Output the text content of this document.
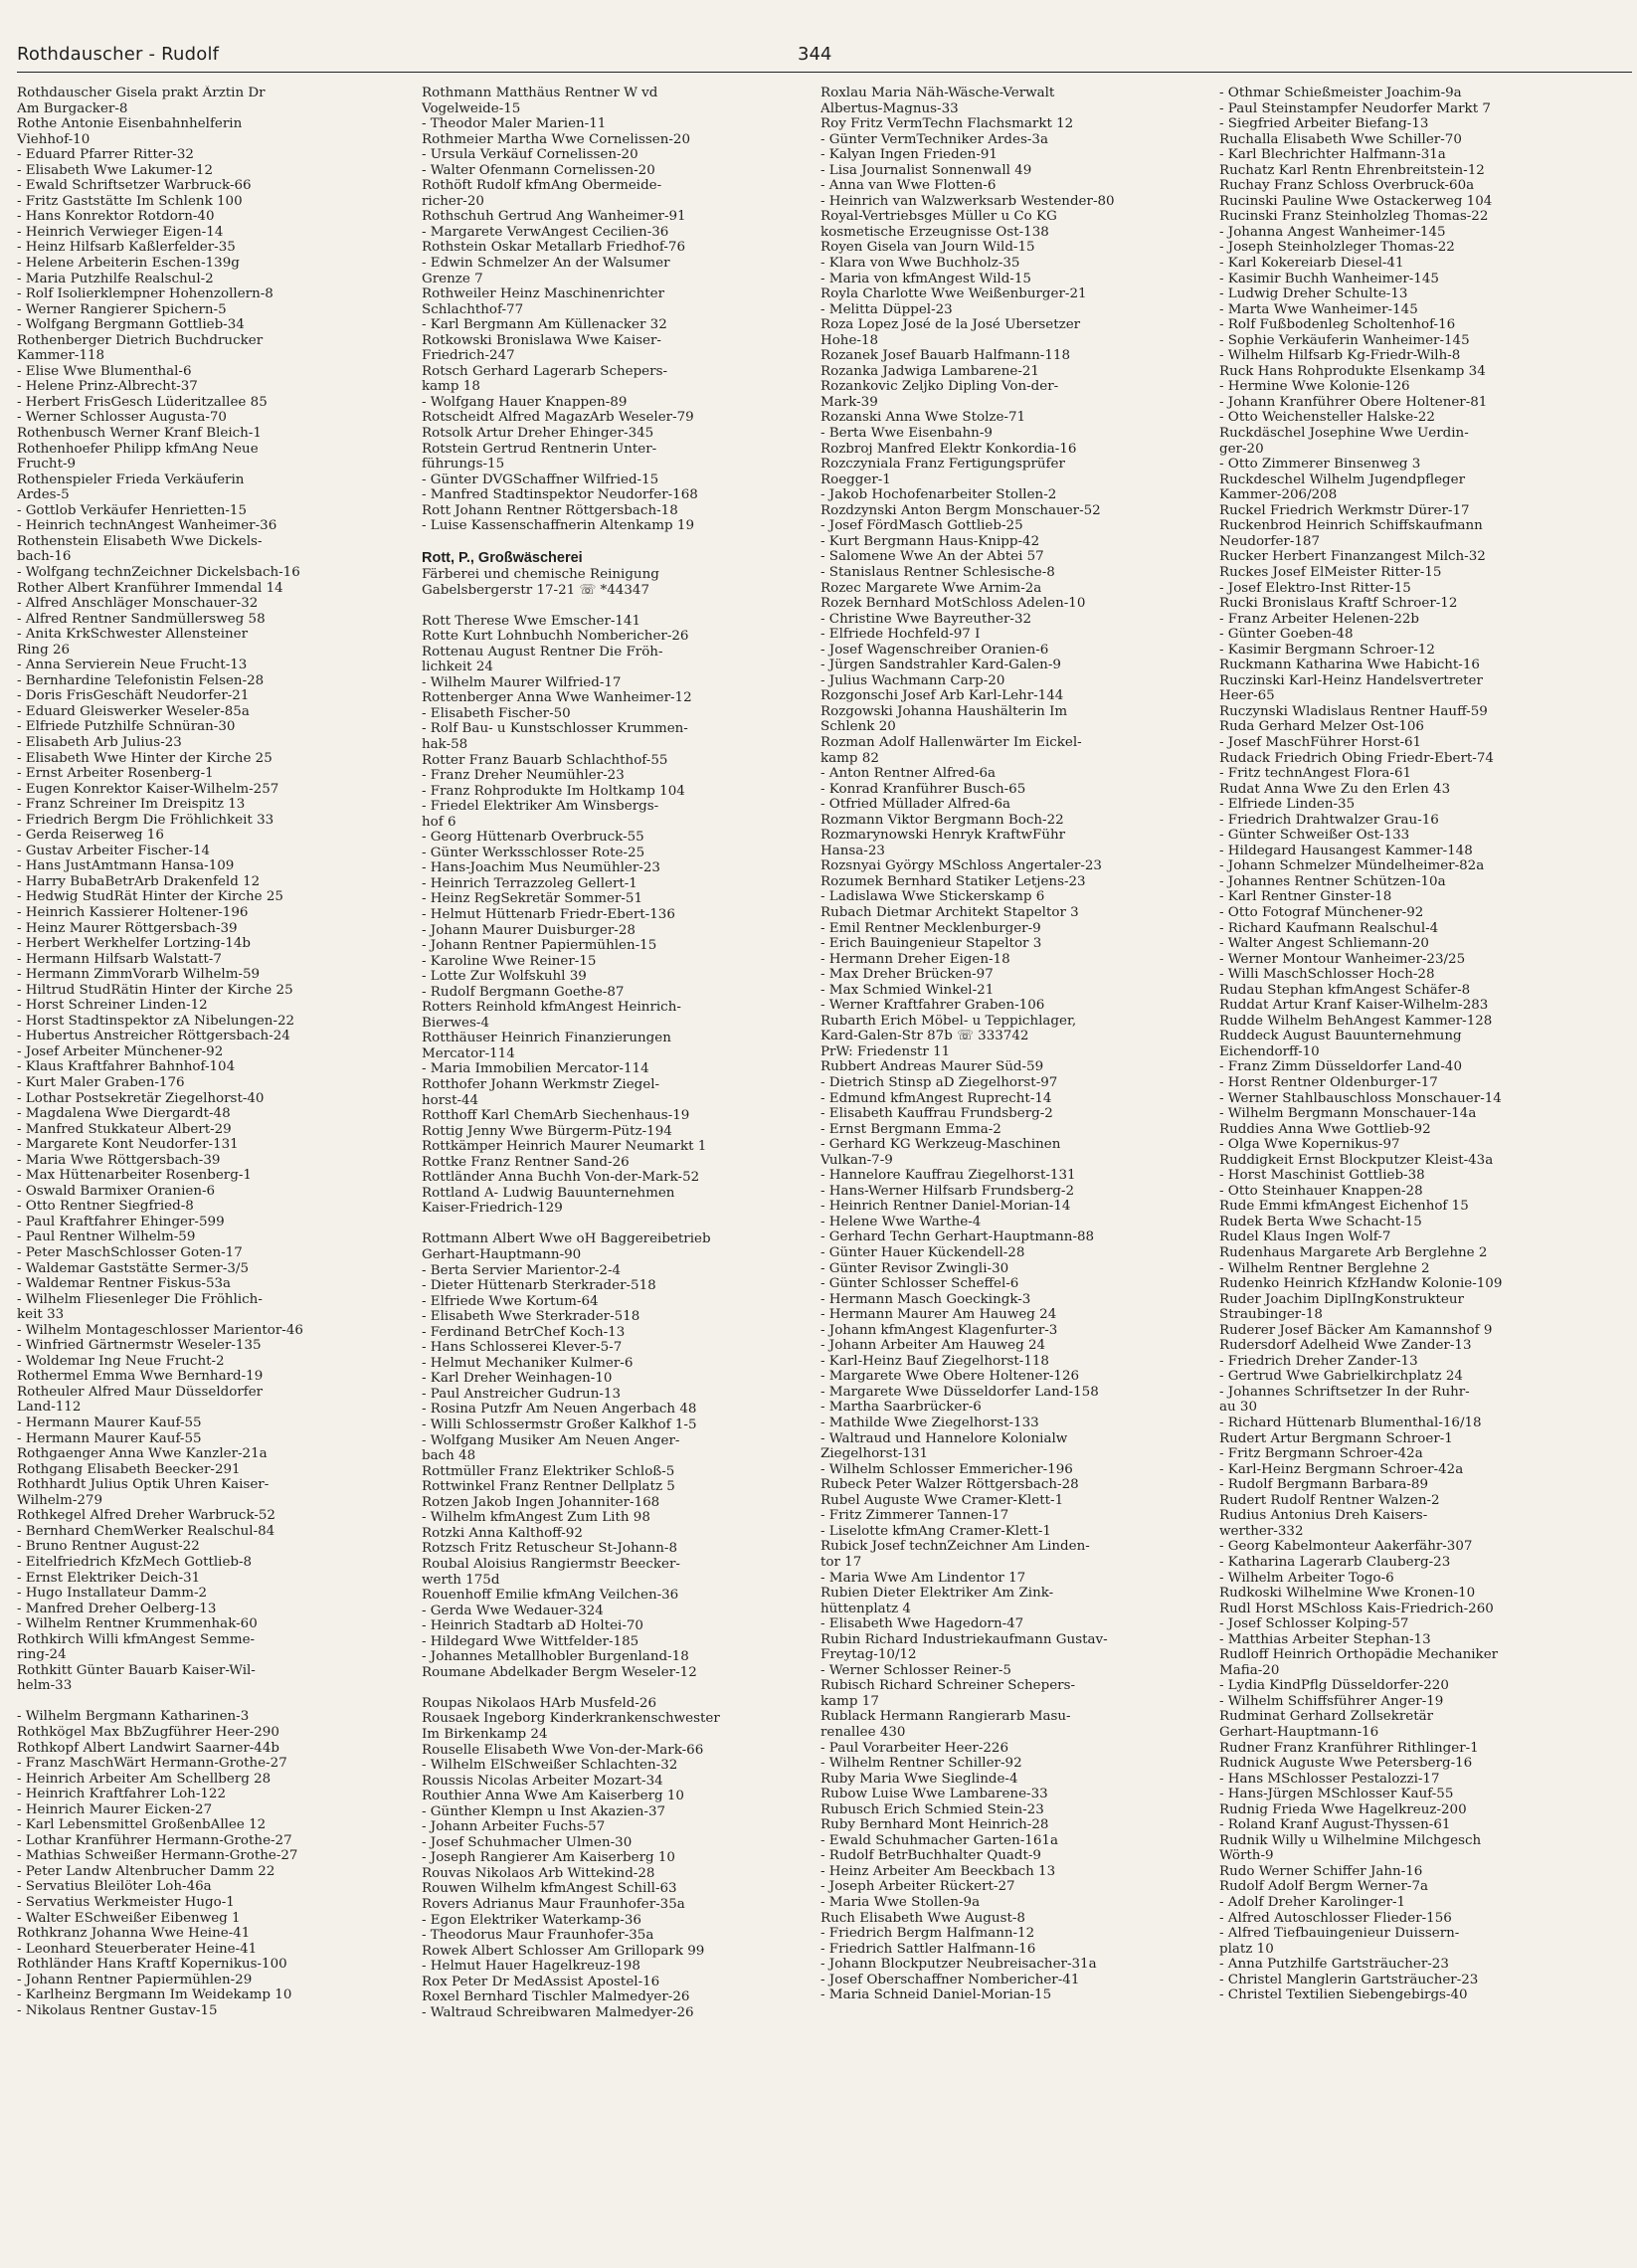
Rothdauscher - Rudolf	344
Rothdauscher Gisela prakt Ärztin Dr
Am Burgacker-8
Rothe Antonie Eisenbahnhelferin
Viehhof-10
- Eduard Pfarrer Ritter-32
- Elisabeth Wwe Lakumer-12
- Ewald Schriftsetzer Warbruck-66
- Fritz Gaststätte Im Schlenk 100
- Hans Konrektor Rotdorn-40
- Heinrich Verwieger Eigen-14
- Heinz Hilfsarb Kaßlerfelder-35
- Helene Arbeiterin Eschen-139g
- Maria Putzhilfe Realschul-2
- Rolf Isolierklempner Hohenzollern-8
- Werner Rangierer Spichern-5
- Wolfgang Bergmann Gottlieb-34
Rothenberger Dietrich Buchdrucker
Kammer-118
- Elise Wwe Blumenthal-6
- Helene Prinz-Albrecht-37
- Herbert FrisGesch Lüderitzallee 85
- Werner Schlosser Augusta-70
Rothenbusch Werner Kranf Bleich-1
Rothenhoefer Philipp kfmAng Neue
Frucht-9
Rothenspieler Frieda Verkäuferin
Ardes-5
- Gottlob Verkäufer Henrietten-15
- Heinrich technAngest Wanheimer-36
Rothenstein Elisabeth Wwe Dickels-
bach-16
- Wolfgang technZeichner Dickelsbach-16
Rother Albert Kranführer Immendal 14
- Alfred Anschläger Monschauer-32
- Alfred Rentner Sandmüllersweg 58
- Anita KrkSchwester Allensteiner
Ring 26
- Anna Servierein Neue Frucht-13
- Bernhardine Telefonistin Felsen-28
- Doris FrisGeschäft Neudorfer-21
- Eduard Gleiswerker Weseler-85a
- Elfriede Putzhilfe Schnüran-30
- Elisabeth Arb Julius-23
- Elisabeth Wwe Hinter der Kirche 25
- Ernst Arbeiter Rosenberg-1
- Eugen Konrektor Kaiser-Wilhelm-257
- Franz Schreiner Im Dreispitz 13
- Friedrich Bergm Die Fröhlichkeit 33
- Gerda Reiserweg 16
- Gustav Arbeiter Fischer-14
- Hans JustAmtmann Hansa-109
- Harry BubaBetrArb Drakenfeld 12
- Hedwig StudRät Hinter der Kirche 25
- Heinrich Kassierer Holtener-196
- Heinz Maurer Röttgersbach-39
- Herbert Werkhelfer Lortzing-14b
- Hermann Hilfsarb Walstatt-7
- Hermann ZimmVorarb Wilhelm-59
- Hiltrud StudRätin Hinter der Kirche 25
- Horst Schreiner Linden-12
- Horst Stadtinspektor zA Nibelungen-22
- Hubertus Anstreicher Röttgersbach-24
- Josef Arbeiter Münchener-92
- Klaus Kraftfahrer Bahnhof-104
- Kurt Maler Graben-176
- Lothar Postsekretär Ziegelhorst-40
- Magdalena Wwe Diergardt-48
- Manfred Stukkateur Albert-29
- Margarete Kont Neudorfer-131
- Maria Wwe Röttgersbach-39
- Max Hüttenarbeiter Rosenberg-1
- Oswald Barmixer Oranien-6
- Otto Rentner Siegfried-8
- Paul Kraftfahrer Ehinger-599
- Paul Rentner Wilhelm-59
- Peter MaschSchlosser Goten-17
- Waldemar Gaststätte Sermer-3/5
- Waldemar Rentner Fiskus-53a
- Wilhelm Fliesenleger Die Fröhlich-
keit 33
- Wilhelm Montageschlosser Marientor-46
- Winfried Gärtnermstr Weseler-135
- Woldemar Ing Neue Frucht-2
Rothermel Emma Wwe Bernhard-19
Rotheuler Alfred Maur Düsseldorfer
Land-112
- Hermann Maurer Kauf-55
- Hermann Maurer Kauf-55
Rothgaenger Anna Wwe Kanzler-21a
Rothgang Elisabeth Beecker-291
Rothhardt Julius Optik Uhren Kaiser-
Wilhelm-279
Rothkegel Alfred Dreher Warbruck-52
- Bernhard ChemWerker Realschul-84
- Bruno Rentner August-22
- Eitelfriedrich KfzMech Gottlieb-8
- Ernst Elektriker Deich-31
- Hugo Installateur Damm-2
- Manfred Dreher Oelberg-13
- Wilhelm Rentner Krummenhak-60
Rothkirch Willi kfmAngest Semme-
ring-24
Rothkitt Günter Bauarb Kaiser-Wil-
helm-33
- Wilhelm Bergmann Katharinen-3
Rothkögel Max BbZugführer Heer-290
Rothkopf Albert Landwirt Saarner-44b
- Franz MaschWärt Hermann-Grothe-27
- Heinrich Arbeiter Am Schellberg 28
- Heinrich Kraftfahrer Loh-122
- Heinrich Maurer Eicken-27
- Karl Lebensmittel GroßenbAllee 12
- Lothar Kranführer Hermann-Grothe-27
- Mathias Schweißer Hermann-Grothe-27
- Peter Landw Altenbrucher Damm 22
- Servatius Bleilöter Loh-46a
- Servatius Werkmeister Hugo-1
- Walter ESchweißer Eibenweg 1
Rothkranz Johanna Wwe Heine-41
- Leonhard Steuerberater Heine-41
Rothländer Hans Kraftf Kopernikus-100
- Johann Rentner Papiermühlen-29
- Karlheinz Bergmann Im Weidekamp 10
- Nikolaus Rentner Gustav-15
Rothmann Matthäus Rentner W vd
Vogelweide-15
- Theodor Maler Marien-11
Rothmeier Martha Wwe Cornelissen-20
- Ursula Verkäuf Cornelissen-20
- Walter Ofenmann Cornelissen-20
Rothöft Rudolf kfmAng Obermeide-
richer-20
Rothschuh Gertrud Ang Wanheimer-91
- Margarete VerwAngest Cecilien-36
Rothstein Oskar Metallarb Friedhof-76
- Edwin Schmelzer An der Walsumer
Grenze 7
Rothweiler Heinz Maschinenrichter
Schlachthof-77
- Karl Bergmann Am Küllenacker 32
Rotkowski Bronislawa Wwe Kaiser-
Friedrich-247
Rotsch Gerhard Lagerarb Schepers-
kamp 18
- Wolfgang Hauer Knappen-89
Rotscheidt Alfred MagazArb Weseler-79
Rotsolk Artur Dreher Ehinger-345
Rotstein Gertrud Rentnerin Unter-
führungs-15
- Günter DVGSchaffner Wilfried-15
- Manfred Stadtinspektor Neudorfer-168
Rott Johann Rentner Röttgersbach-18
- Luise Kassenschaffnerin Altenkamp 19
Rott, P., Großwäscherei
Färberei und chemische Reinigung
Gabelsbergerstr 17-21 ☏ *44347
Rott Therese Wwe Emscher-141
Rotte Kurt Lohnbuchh Nombericher-26
Rottenau August Rentner Die Fröh-
lichkeit 24
- Wilhelm Maurer Wilfried-17
Rottenberger Anna Wwe Wanheimer-12
- Elisabeth Fischer-50
- Rolf Bau- u Kunstschlosser Krummen-
hak-58
Rotter Franz Bauarb Schlachthof-55
- Franz Dreher Neumühler-23
- Franz Rohprodukte Im Holtkamp 104
- Friedel Elektriker Am Winsbergs-
hof 6
- Georg Hüttenarb Overbruck-55
- Günter Werksschlosser Rote-25
- Hans-Joachim Mus Neumühler-23
- Heinrich Terrazzoleg Gellert-1
- Heinz RegSekretär Sommer-51
- Helmut Hüttenarb Friedr-Ebert-136
- Johann Maurer Duisburger-28
- Johann Rentner Papiermühlen-15
- Karoline Wwe Reiner-15
- Lotte Zur Wolfskuhl 39
- Rudolf Bergmann Goethe-87
Rotters Reinhold kfmAngest Heinrich-
Bierwes-4
Rotthäuser Heinrich Finanzierungen
Mercator-114
- Maria Immobilien Mercator-114
Rotthofer Johann Werkmstr Ziegel-
horst-44
Rotthoff Karl ChemArb Siechenhaus-19
Rottig Jenny Wwe Bürgerm-Pütz-194
Rottkämper Heinrich Maurer Neumarkt 1
Rottke Franz Rentner Sand-26
Rottländer Anna Buchh Von-der-Mark-52
Rottland A- Ludwig Bauunternehmen
Kaiser-Friedrich-129
Rottmann Albert Wwe oH Baggereibetrieb
Gerhart-Hauptmann-90
- Berta Servier Marientor-2-4
- Dieter Hüttenarb Sterkrader-518
- Elfriede Wwe Kortum-64
- Elisabeth Wwe Sterkrader-518
- Ferdinand BetrChef Koch-13
- Hans Schlosserei Klever-5-7
- Helmut Mechaniker Kulmer-6
- Karl Dreher Weinhagen-10
- Paul Anstreicher Gudrun-13
- Rosina Putzfr Am Neuen Angerbach 48
- Willi Schlossermstr Großer Kalkhof 1-5
- Wolfgang Musiker Am Neuen Anger-
bach 48
Rottmüller Franz Elektriker Schloß-5
Rottwinkel Franz Rentner Dellplatz 5
Rotzen Jakob Ingen Johanniter-168
- Wilhelm kfmAngest Zum Lith 98
Rotzki Anna Kalthoff-92
Rotzsch Fritz Retuscheur St-Johann-8
Roubal Aloisius Rangiermstr Beecker-
werth 175d
Rouenhoff Emilie kfmAng Veilchen-36
- Gerda Wwe Wedauer-324
- Heinrich Stadtarb aD Holtei-70
- Hildegard Wwe Wittfelder-185
- Johannes Metallhobler Burgenland-18
Roumane Abdelkader Bergm Weseler-12
Roupas Nikolaos HArb Musfeld-26
Rousaek Ingeborg Kinderkrankenschwester
Im Birkenkamp 24
Rouselle Elisabeth Wwe Von-der-Mark-66
- Wilhelm ElSchweißer Schlachten-32
Roussis Nicolas Arbeiter Mozart-34
Routhier Anna Wwe Am Kaiserberg 10
- Günther Klempn u Inst Akazien-37
- Johann Arbeiter Fuchs-57
- Josef Schuhmacher Ulmen-30
- Joseph Rangierer Am Kaiserberg 10
Rouvas Nikolaos Arb Wittekind-28
Rouwen Wilhelm kfmAngest Schill-63
Rovers Adrianus Maur Fraunhofer-35a
- Egon Elektriker Waterkamp-36
- Theodorus Maur Fraunhofer-35a
Rowek Albert Schlosser Am Grillopark 99
- Helmut Hauer Hagelkreuz-198
Rox Peter Dr MedAssist Apostel-16
Roxel Bernhard Tischler Malmedyer-26
- Waltraud Schreibwaren Malmedyer-26
Roxlau Maria Näh-Wäsche-Verwalt
Albertus-Magnus-33
Roy Fritz VermTechn Flachsmarkt 12
- Günter VermTechniker Ardes-3a
- Kalyan Ingen Frieden-91
- Lisa Journalist Sonnenwall 49
- Anna van Wwe Flotten-6
- Heinrich van Walzwerksarb Westender-80
Royal-Vertriebsges Müller u Co KG
kosmetische Erzeugnisse Ost-138
Royen Gisela van Journ Wild-15
- Klara von Wwe Buchholz-35
- Maria von kfmAngest Wild-15
Royla Charlotte Wwe Weißenburger-21
- Melitta Düppel-23
Roza Lopez José de la José Übersetzer
Hohe-18
Rozanek Josef Bauarb Halfmann-118
Rozanka Jadwiga Lambarene-21
Rozankovic Zeljko Dipling Von-der-
Mark-39
Rozanski Anna Wwe Stolze-71
- Berta Wwe Eisenbahn-9
Rozbroj Manfred Elektr Konkordia-16
Rozczyniala Franz Fertigungsprüfer
Roegger-1
- Jakob Hochofenarbeiter Stollen-2
Rozdzynski Anton Bergm Monschauer-52
- Josef FördMasch Gottlieb-25
- Kurt Bergmann Haus-Knipp-42
- Salomene Wwe An der Abtei 57
- Stanislaus Rentner Schlesische-8
Rozec Margarete Wwe Arnim-2a
Rozek Bernhard MotSchloss Adelen-10
- Christine Wwe Bayreuther-32
- Elfriede Hochfeld-97 I
- Josef Wagenschreiber Oranien-6
- Jürgen Sandstrahler Kard-Galen-9
- Julius Wachmann Carp-20
Rozgonschi Josef Arb Karl-Lehr-144
Rozgowski Johanna Haushälterin Im
Schlenk 20
Rozman Adolf Hallenwärter Im Eickel-
kamp 82
- Anton Rentner Alfred-6a
- Konrad Kranführer Busch-65
- Otfried Müllader Alfred-6a
Rozmann Viktor Bergmann Boch-22
Rozmarynowski Henryk KraftwFühr
Hansa-23
Rozsnyai György MSchloss Angertaler-23
Rozumek Bernhard Statiker Letjens-23
- Ladislawa Wwe Stickerskamp 6
Rubach Dietmar Architekt Stapeltor 3
- Emil Rentner Mecklenburger-9
- Erich Bauingenieur Stapeltor 3
- Hermann Dreher Eigen-18
- Max Dreher Brücken-97
- Max Schmied Winkel-21
- Werner Kraftfahrer Graben-106
Rubarth Erich Möbel- u Teppichlager,
Kard-Galen-Str 87b ☏ 333742
PrW: Friedenstr 11
Rubbert Andreas Maurer Süd-59
- Dietrich Stinsp aD Ziegelhorst-97
- Edmund kfmAngest Ruprecht-14
- Elisabeth Kauffrau Frundsberg-2
- Ernst Bergmann Emma-2
- Gerhard KG Werkzeug-Maschinen
Vulkan-7-9
- Hannelore Kauffrau Ziegelhorst-131
- Hans-Werner Hilfsarb Frundsberg-2
- Heinrich Rentner Daniel-Morian-14
- Helene Wwe Warthe-4
- Gerhard Techn Gerhart-Hauptmann-88
- Günter Hauer Kückendell-28
- Günter Revisor Zwingli-30
- Günter Schlosser Scheffel-6
- Hermann Masch Goeckingk-3
- Hermann Maurer Am Hauweg 24
- Johann kfmAngest Klagenfurter-3
- Johann Arbeiter Am Hauweg 24
- Karl-Heinz Bauf Ziegelhorst-118
- Margarete Wwe Obere Holtener-126
- Margarete Wwe Düsseldorfer Land-158
- Martha Saarbrücker-6
- Mathilde Wwe Ziegelhorst-133
- Waltraud und Hannelore Kolonialw
Ziegelhorst-131
- Wilhelm Schlosser Emmericher-196
Rubeck Peter Walzer Röttgersbach-28
Rubel Auguste Wwe Cramer-Klett-1
- Fritz Zimmerer Tannen-17
- Liselotte kfmAng Cramer-Klett-1
Rubick Josef technZeichner Am Linden-
tor 17
- Maria Wwe Am Lindentor 17
Rubien Dieter Elektriker Am Zink-
hüttenplatz 4
- Elisabeth Wwe Hagedorn-47
Rubin Richard Industriekaufmann Gustav-
Freytag-10/12
- Werner Schlosser Reiner-5
Rubisch Richard Schreiner Schepers-
kamp 17
Rublack Hermann Rangierarb Masu-
renallee 430
- Paul Vorarbeiter Heer-226
- Wilhelm Rentner Schiller-92
Ruby Maria Wwe Sieglinde-4
Rubow Luise Wwe Lambarene-33
Rubusch Erich Schmied Stein-23
Ruby Bernhard Mont Heinrich-28
- Ewald Schuhmacher Garten-161a
- Rudolf BetrBuchhalter Quadt-9
- Heinz Arbeiter Am Beeckbach 13
- Joseph Arbeiter Rückert-27
- Maria Wwe Stollen-9a
Ruch Elisabeth Wwe August-8
- Friedrich Bergm Halfmann-12
- Friedrich Sattler Halfmann-16
- Johann Blockputzer Neubreisacher-31a
- Josef Oberschaffner Nombericher-41
- Maria Schneid Daniel-Morian-15
- Othmar Schießmeister Joachim-9a
- Paul Steinstampfer Neudorfer Markt 7
- Siegfried Arbeiter Biefang-13
Ruchalla Elisabeth Wwe Schiller-70
- Karl Blechrichter Halfmann-31a
Ruchatz Karl Rentn Ehrenbreitstein-12
Ruchay Franz Schloss Overbruck-60a
Rucinski Pauline Wwe Ostackerweg 104
Rucinski Franz Steinholzleg Thomas-22
- Johanna Angest Wanheimer-145
- Joseph Steinholzleger Thomas-22
- Karl Kokereiarb Diesel-41
- Kasimir Buchh Wanheimer-145
- Ludwig Dreher Schulte-13
- Marta Wwe Wanheimer-145
- Rolf Fußbodenleg Scholtenhof-16
- Sophie Verkäuferin Wanheimer-145
- Wilhelm Hilfsarb Kg-Friedr-Wilh-8
Ruck Hans Rohprodukte Elsenkamp 34
- Hermine Wwe Kolonie-126
- Johann Kranführer Obere Holtener-81
- Otto Weichensteller Halske-22
Ruckdäschel Josephine Wwe Uerdin-
ger-20
- Otto Zimmerer Binsenweg 3
Ruckdeschel Wilhelm Jugendpfleger
Kammer-206/208
Ruckel Friedrich Werkmstr Dürer-17
Ruckenbrod Heinrich Schiffskaufmann
Neudorfer-187
Rucker Herbert Finanzangest Milch-32
Ruckes Josef ElMeister Ritter-15
- Josef Elektro-Inst Ritter-15
Rucki Bronislaus Kraftf Schroer-12
- Franz Arbeiter Helenen-22b
- Günter Goeben-48
- Kasimir Bergmann Schroer-12
Ruckmann Katharina Wwe Habicht-16
Ruczinski Karl-Heinz Handelsvertreter
Heer-65
Ruczynski Wladislaus Rentner Hauff-59
Ruda Gerhard Melzer Ost-106
- Josef MaschFührer Horst-61
Rudack Friedrich Obing Friedr-Ebert-74
- Fritz technAngest Flora-61
Rudat Anna Wwe Zu den Erlen 43
- Elfriede Linden-35
- Friedrich Drahtwalzer Grau-16
- Günter Schweißer Ost-133
- Hildegard Hausangest Kammer-148
- Johann Schmelzer Mündelheimer-82a
- Johannes Rentner Schützen-10a
- Karl Rentner Ginster-18
- Otto Fotograf Münchener-92
- Richard Kaufmann Realschul-4
- Walter Angest Schliemann-20
- Werner Montour Wanheimer-23/25
- Willi MaschSchlosser Hoch-28
Rudau Stephan kfmAngest Schäfer-8
Ruddat Artur Kranf Kaiser-Wilhelm-283
Rudde Wilhelm BehAngest Kammer-128
Ruddeck August Bauunternehmung
Eichendorff-10
- Franz Zimm Düsseldorfer Land-40
- Horst Rentner Oldenburger-17
- Werner Stahlbauschloss Monschauer-14
- Wilhelm Bergmann Monschauer-14a
Ruddies Anna Wwe Gottlieb-92
- Olga Wwe Kopernikus-97
Ruddigkeit Ernst Blockputzer Kleist-43a
- Horst Maschinist Gottlieb-38
- Otto Steinhauer Knappen-28
Rude Emmi kfmAngest Eichenhof 15
Rudek Berta Wwe Schacht-15
Rudel Klaus Ingen Wolf-7
Rudenhaus Margarete Arb Berglehne 2
- Wilhelm Rentner Berglehne 2
Rudenko Heinrich KfzHandw Kolonie-109
Ruder Joachim DiplIngKonstrukteur
Straubinger-18
Ruderer Josef Bäcker Am Kamannshof 9
Rudersdorf Adelheid Wwe Zander-13
- Friedrich Dreher Zander-13
- Gertrud Wwe Gabrielkirchplatz 24
- Johannes Schriftsetzer In der Ruhr-
au 30
- Richard Hüttenarb Blumenthal-16/18
Rudert Artur Bergmann Schroer-1
- Fritz Bergmann Schroer-42a
- Karl-Heinz Bergmann Schroer-42a
- Rudolf Bergmann Barbara-89
Rudert Rudolf Rentner Walzen-2
Rudius Antonius Dreh Kaisers-
werther-332
- Georg Kabelmonteur Aakerfähr-307
- Katharina Lagerarb Clauberg-23
- Wilhelm Arbeiter Togo-6
Rudkoski Wilhelmine Wwe Kronen-10
Rudl Horst MSchloss Kais-Friedrich-260
- Josef Schlosser Kolping-57
- Matthias Arbeiter Stephan-13
Rudloff Heinrich Orthopädie Mechaniker
Mafia-20
- Lydia KindPflg Düsseldorfer-220
- Wilhelm Schiffsführer Anger-19
Rudminat Gerhard Zollsekretär
Gerhart-Hauptmann-16
Rudner Franz Kranführer Rithlinger-1
Rudnick Auguste Wwe Petersberg-16
- Hans MSchlosser Pestalozzi-17
- Hans-Jürgen MSchlosser Kauf-55
Rudnig Frieda Wwe Hagelkreuz-200
- Roland Kranf August-Thyssen-61
Rudnik Willy u Wilhelmine Milchgesch
Wörth-9
Rudo Werner Schiffer Jahn-16
Rudolf Adolf Bergm Werner-7a
- Adolf Dreher Karolinger-1
- Alfred Autoschlosser Flieder-156
- Alfred Tiefbauingenieur Duissern-
platz 10
- Anna Putzhilfe Gartsträucher-23
- Christel Manglerin Gartsträucher-23
- Christel Textilien Siebengebirgs-40
